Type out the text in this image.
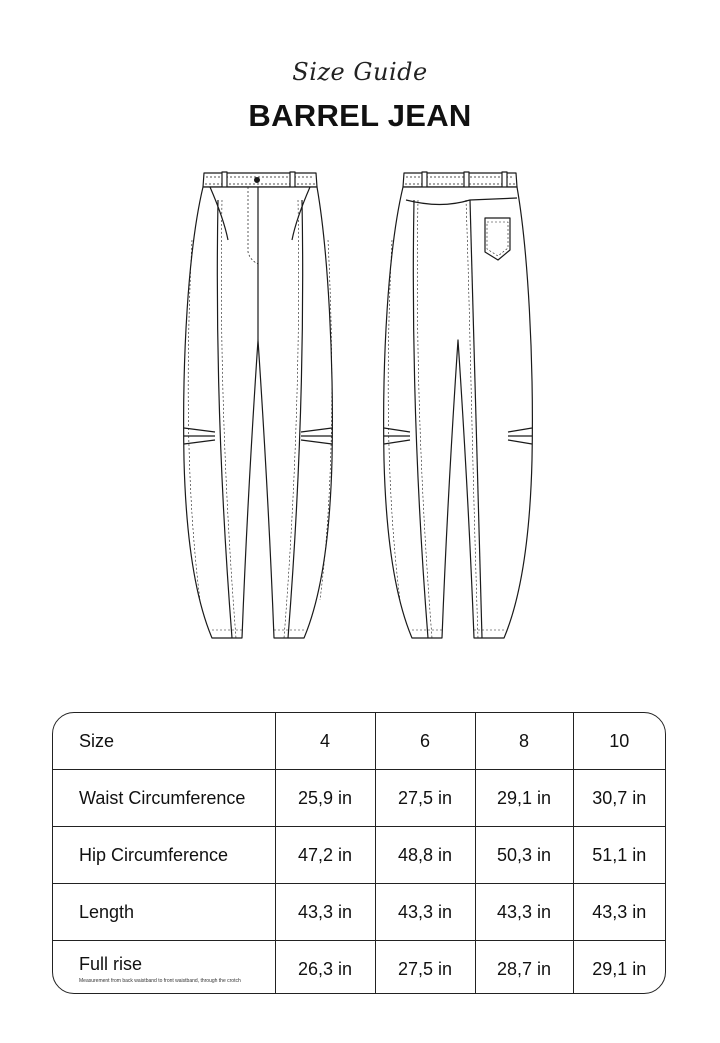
Size Guide
BARREL JEAN
Size	4	6	8	10
Waist Circumference	25,9 in	27,5 in	29,1 in	30,7 in
Hip Circumference	47,2 in	48,8 in	50,3 in	51,1 in
Length	43,3 in	43,3 in	43,3 in	43,3 in
Full rise
Measurement from back waistband to front waistband, through the crotch	26,3 in	27,5 in	28,7 in	29,1 in
